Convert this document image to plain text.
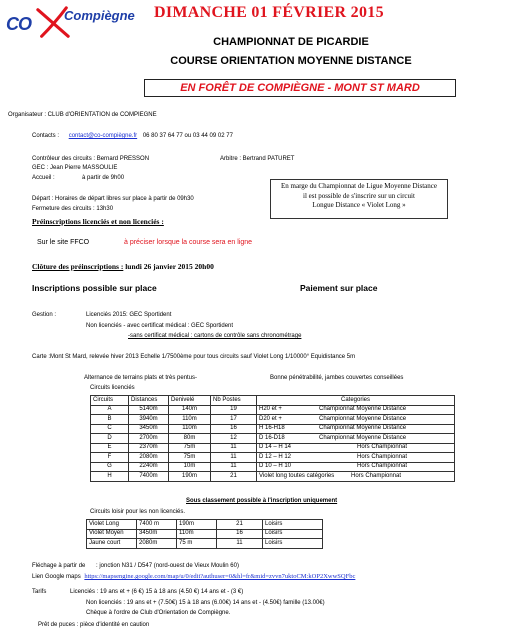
CO	Compiègne DIMANCHE 01 FÉVRIER 2015
CHAMPIONNAT DE PICARDIE
COURSE ORIENTATION MOYENNE DISTANCE
EN FORÊT DE COMPIÈGNE - MONT ST MARD
Organisateur : CLUB d'ORIENTATION de COMPIEGNE
Contacts : contact@co-compiègne.fr 06 80 37 64 77 ou 03 44 09 02 77
Contrôleur des circuits : Bernard PRESSON	Arbitre : Bertrand PATURET
GEC : Jean Pierre MASSOULIE
Accueil :	à partir de 9h00
En marge du Championnat de Ligue Moyenne Distance
il est possible de s'inscrire sur un circuit
Longue Distance « Violet Long »
Départ : Horaires de départ libres sur place à partir de 09h30
Fermeture des circuits : 13h30
Préinscriptions licenciés et non licenciés :
Sur le site FFCO	à préciser lorsque la course sera en ligne
Clôture des préinscriptions : lundi 26 janvier 2015 20h00
Inscriptions possible sur place	Paiement sur place
Gestion :	Licenciés 2015: GEC Sportident
Non licenciés - avec certificat médical : GEC Sportident
-sans certificat médical : cartons de contrôle sans chronométrage
Carte :Mont St Mard, relevée hiver 2013 Echelle 1/7500ème pour tous circuits sauf Violet Long 1/10000° Equidistance 5m
Alternance de terrains plats et très pentus-	Bonne pénétrabilité, jambes couvertes conseillées
Circuits licenciés
Circuits	Distances	Denivelé	Nb Postes	Categories
A	5140m	140m	19	H20 et + Championnat Moyenne Distance
B	3940m	110m	17	D20 et + Championnat Moyenne Distance
C	3450m	110m	16	H 16-H18 Championnat Moyenne Distance
D	2700m	80m	12	D 16-D18 Championnat Moyenne Distance
E	2370m	75m	11	D 14 – H 14 Hors Championnat
F	2080m	75m	11	D 12 – H 12 Hors Championnat
G	2240m	10m	11	D 10 – H 10 Hors Championnat
H	7400m	190m	21	Violet long toutes catégories Hors Championnat
Sous classement possible à l'inscription uniquement
Circuits loisir pour les non licenciés.
Violet Long	7400 m	190m	21	Loisirs
Violet Moyen	3450m	110m	16	Loisirs
Jaune court	2080m	75 m	11	Loisirs
Fléchage à partir de : jonction N31 / D547 (nord-ouest de Vieux Moulin 60)
Lien Google maps https://mapsengine.google.com/map/u/0/edit?authuser=0&hl=fr&mid=zvvn7uktoCM:kOP2XwwSQFbc
Tarifs	Licenciés : 19 ans et + (6 €) 15 à 18 ans (4.50 €) 14 ans et - (3 €)
Non licenciés : 19 ans et + (7.50€) 15 à 18 ans (6.00€) 14 ans et - (4.50€) famille (13.00€)
Chèque à l'ordre de Club d'Orientation de Compiègne.
Prêt de puces : pièce d'identité en caution
